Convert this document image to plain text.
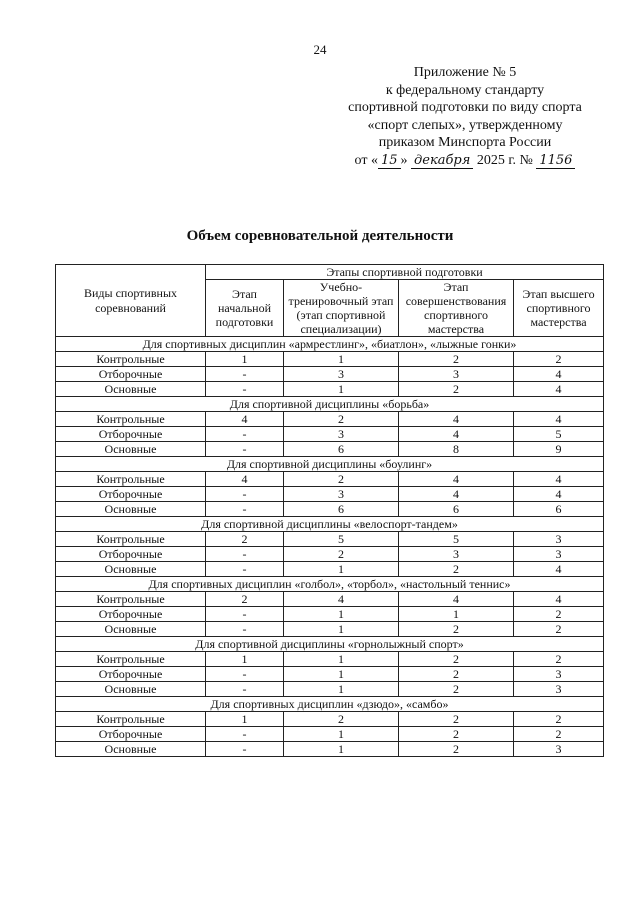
24
Приложение № 5
к федеральному стандарту
спортивной подготовки по виду спорта
«спорт слепых», утвержденному
приказом Минспорта России
от « 15 » декабря 2025 г. № 1156
Объем соревновательной деятельности
Виды спортивных соревнований	Этапы спортивной подготовки			
	Этап начальной подготовки	Учебно-тренировочный этап (этап спортивной специализации)	Этап совершенствования спортивного мастерства	Этап высшего спортивного мастерства
Для спортивных дисциплин «армрестлинг», «биатлон», «лыжные гонки»				
Контрольные	1	1	2	2
Отборочные	-	3	3	4
Основные	-	1	2	4
Для спортивной дисциплины «борьба»				
Контрольные	4	2	4	4
Отборочные	-	3	4	5
Основные	-	6	8	9
Для спортивной дисциплины «боулинг»				
Контрольные	4	2	4	4
Отборочные	-	3	4	4
Основные	-	6	6	6
Для спортивной дисциплины «велоспорт-тандем»				
Контрольные	2	5	5	3
Отборочные	-	2	3	3
Основные	-	1	2	4
Для спортивных дисциплин «голбол», «торбол», «настольный теннис»				
Контрольные	2	4	4	4
Отборочные	-	1	1	2
Основные	-	1	2	2
Для спортивной дисциплины «горнолыжный спорт»				
Контрольные	1	1	2	2
Отборочные	-	1	2	3
Основные	-	1	2	3
Для спортивных дисциплин «дзюдо», «самбо»				
Контрольные	1	2	2	2
Отборочные	-	1	2	2
Основные	-	1	2	3
